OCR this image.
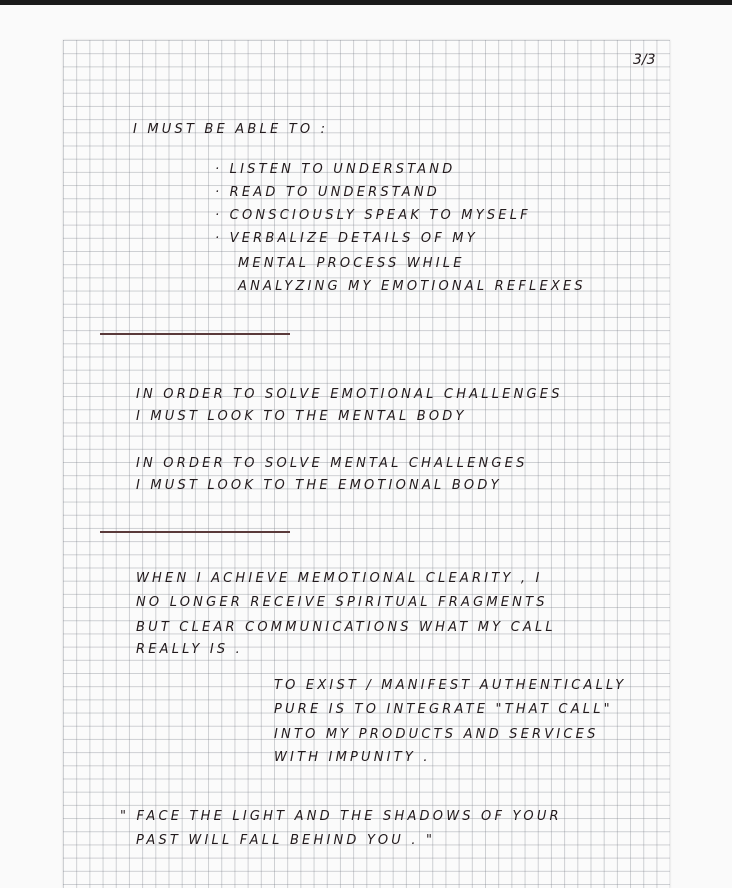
3/3
I MUST BE ABLE TO :
· LISTEN TO UNDERSTAND
· READ TO UNDERSTAND
· CONSCIOUSLY SPEAK TO MYSELF
· VERBALIZE DETAILS OF MY
MENTAL PROCESS WHILE
ANALYZING MY EMOTIONAL REFLEXES
IN ORDER TO SOLVE EMOTIONAL CHALLENGES
I MUST LOOK TO THE MENTAL BODY
IN ORDER TO SOLVE MENTAL CHALLENGES
I MUST LOOK TO THE EMOTIONAL BODY
WHEN I ACHIEVE MEMOTIONAL CLEARITY , I
NO LONGER RECEIVE SPIRITUAL FRAGMENTS
BUT CLEAR COMMUNICATIONS WHAT MY CALL
REALLY IS .
TO EXIST / MANIFEST AUTHENTICALLY
PURE IS TO INTEGRATE "THAT CALL"
INTO MY PRODUCTS AND SERVICES
WITH IMPUNITY .
" FACE THE LIGHT AND THE SHADOWS OF YOUR
PAST WILL FALL BEHIND YOU . "
